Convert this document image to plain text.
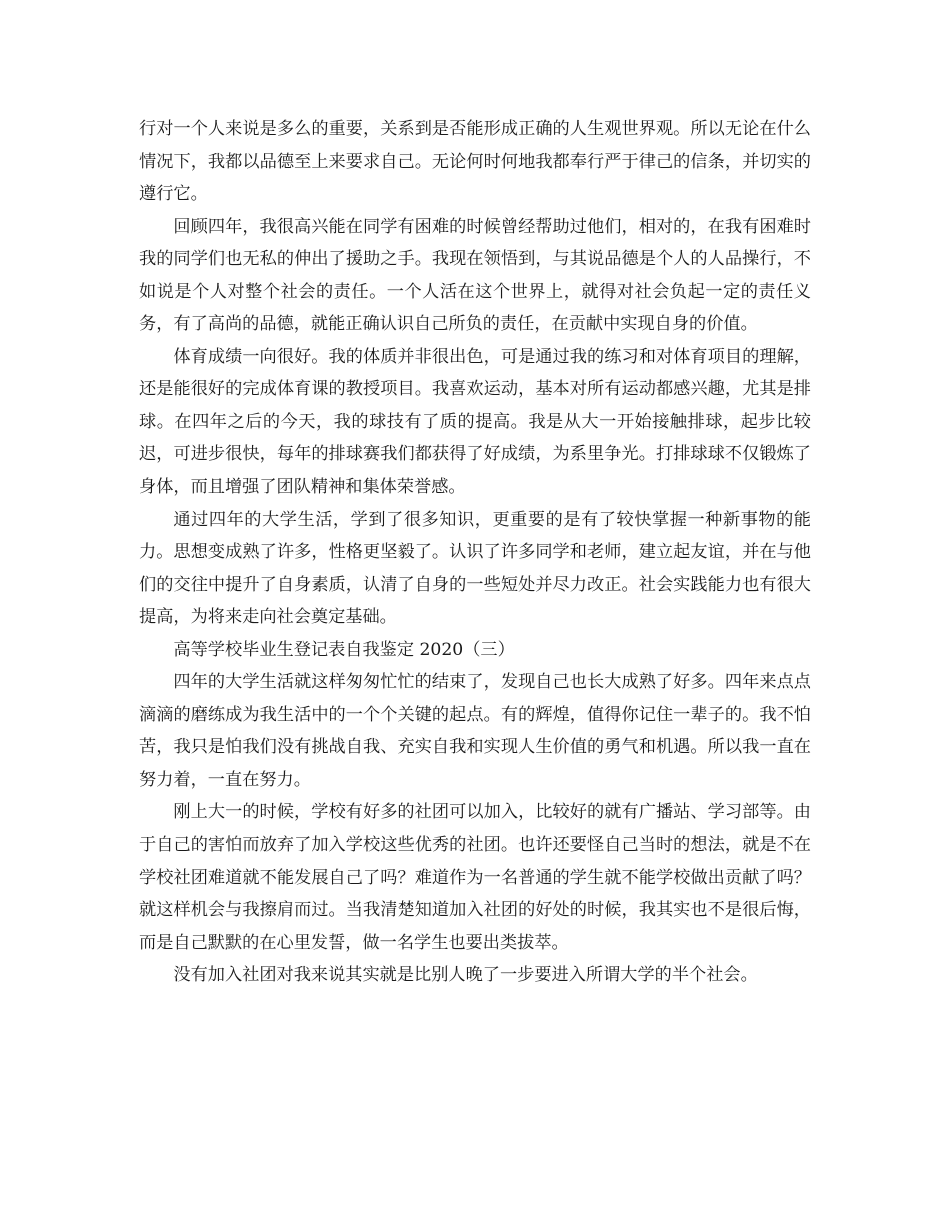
行对一个人来说是多么的重要，关系到是否能形成正确的人生观世界观。所以无论在什么情况下，我都以品德至上来要求自己。无论何时何地我都奉行严于律己的信条，并切实的遵行它。

回顾四年，我很高兴能在同学有困难的时候曾经帮助过他们，相对的，在我有困难时我的同学们也无私的伸出了援助之手。我现在领悟到，与其说品德是个人的人品操行，不如说是个人对整个社会的责任。一个人活在这个世界上，就得对社会负起一定的责任义务，有了高尚的品德，就能正确认识自己所负的责任，在贡献中实现自身的价值。

体育成绩一向很好。我的体质并非很出色，可是通过我的练习和对体育项目的理解，还是能很好的完成体育课的教授项目。我喜欢运动，基本对所有运动都感兴趣，尤其是排球。在四年之后的今天，我的球技有了质的提高。我是从大一开始接触排球，起步比较迟，可进步很快，每年的排球赛我们都获得了好成绩，为系里争光。打排球球不仅锻炼了身体，而且增强了团队精神和集体荣誉感。

通过四年的大学生活，学到了很多知识，更重要的是有了较快掌握一种新事物的能力。思想变成熟了许多，性格更坚毅了。认识了许多同学和老师，建立起友谊，并在与他们的交往中提升了自身素质，认清了自身的一些短处并尽力改正。社会实践能力也有很大提高，为将来走向社会奠定基础。

高等学校毕业生登记表自我鉴定 2020（三）

四年的大学生活就这样匆匆忙忙的结束了，发现自己也长大成熟了好多。四年来点点滴滴的磨练成为我生活中的一个个关键的起点。有的辉煌，值得你记住一辈子的。我不怕苦，我只是怕我们没有挑战自我、充实自我和实现人生价值的勇气和机遇。所以我一直在努力着，一直在努力。

刚上大一的时候，学校有好多的社团可以加入，比较好的就有广播站、学习部等。由于自己的害怕而放弃了加入学校这些优秀的社团。也许还要怪自己当时的想法，就是不在学校社团难道就不能发展自己了吗？难道作为一名普通的学生就不能学校做出贡献了吗？就这样机会与我擦肩而过。当我清楚知道加入社团的好处的时候，我其实也不是很后悔，而是自己默默的在心里发誓，做一名学生也要出类拔萃。

没有加入社团对我来说其实就是比别人晚了一步要进入所谓大学的半个社会。
